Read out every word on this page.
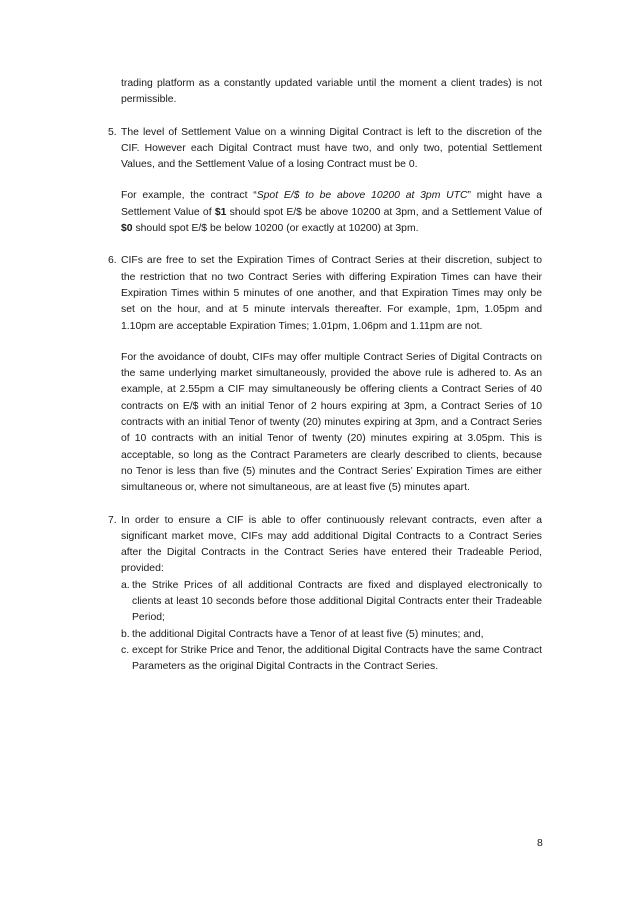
trading platform as a constantly updated variable until the moment a client trades) is not permissible.

5. The level of Settlement Value on a winning Digital Contract is left to the discretion of the CIF. However each Digital Contract must have two, and only two, potential Settlement Values, and the Settlement Value of a losing Contract must be 0.

For example, the contract “Spot E/$ to be above 10200 at 3pm UTC” might have a Settlement Value of $1 should spot E/$ be above 10200 at 3pm, and a Settlement Value of $0 should spot E/$ be below 10200 (or exactly at 10200) at 3pm.

6. CIFs are free to set the Expiration Times of Contract Series at their discretion, subject to the restriction that no two Contract Series with differing Expiration Times can have their Expiration Times within 5 minutes of one another, and that Expiration Times may only be set on the hour, and at 5 minute intervals thereafter. For example, 1pm, 1.05pm and 1.10pm are acceptable Expiration Times; 1.01pm, 1.06pm and 1.11pm are not.

For the avoidance of doubt, CIFs may offer multiple Contract Series of Digital Contracts on the same underlying market simultaneously, provided the above rule is adhered to. As an example, at 2.55pm a CIF may simultaneously be offering clients a Contract Series of 40 contracts on E/$ with an initial Tenor of 2 hours expiring at 3pm, a Contract Series of 10 contracts with an initial Tenor of twenty (20) minutes expiring at 3pm, and a Contract Series of 10 contracts with an initial Tenor of twenty (20) minutes expiring at 3.05pm. This is acceptable, so long as the Contract Parameters are clearly described to clients, because no Tenor is less than five (5) minutes and the Contract Series’ Expiration Times are either simultaneous or, where not simultaneous, are at least five (5) minutes apart.

7. In order to ensure a CIF is able to offer continuously relevant contracts, even after a significant market move, CIFs may add additional Digital Contracts to a Contract Series after the Digital Contracts in the Contract Series have entered their Tradeable Period, provided:

a. the Strike Prices of all additional Contracts are fixed and displayed electronically to clients at least 10 seconds before those additional Digital Contracts enter their Tradeable Period;

b. the additional Digital Contracts have a Tenor of at least five (5) minutes; and,

c. except for Strike Price and Tenor, the additional Digital Contracts have the same Contract Parameters as the original Digital Contracts in the Contract Series.

8
